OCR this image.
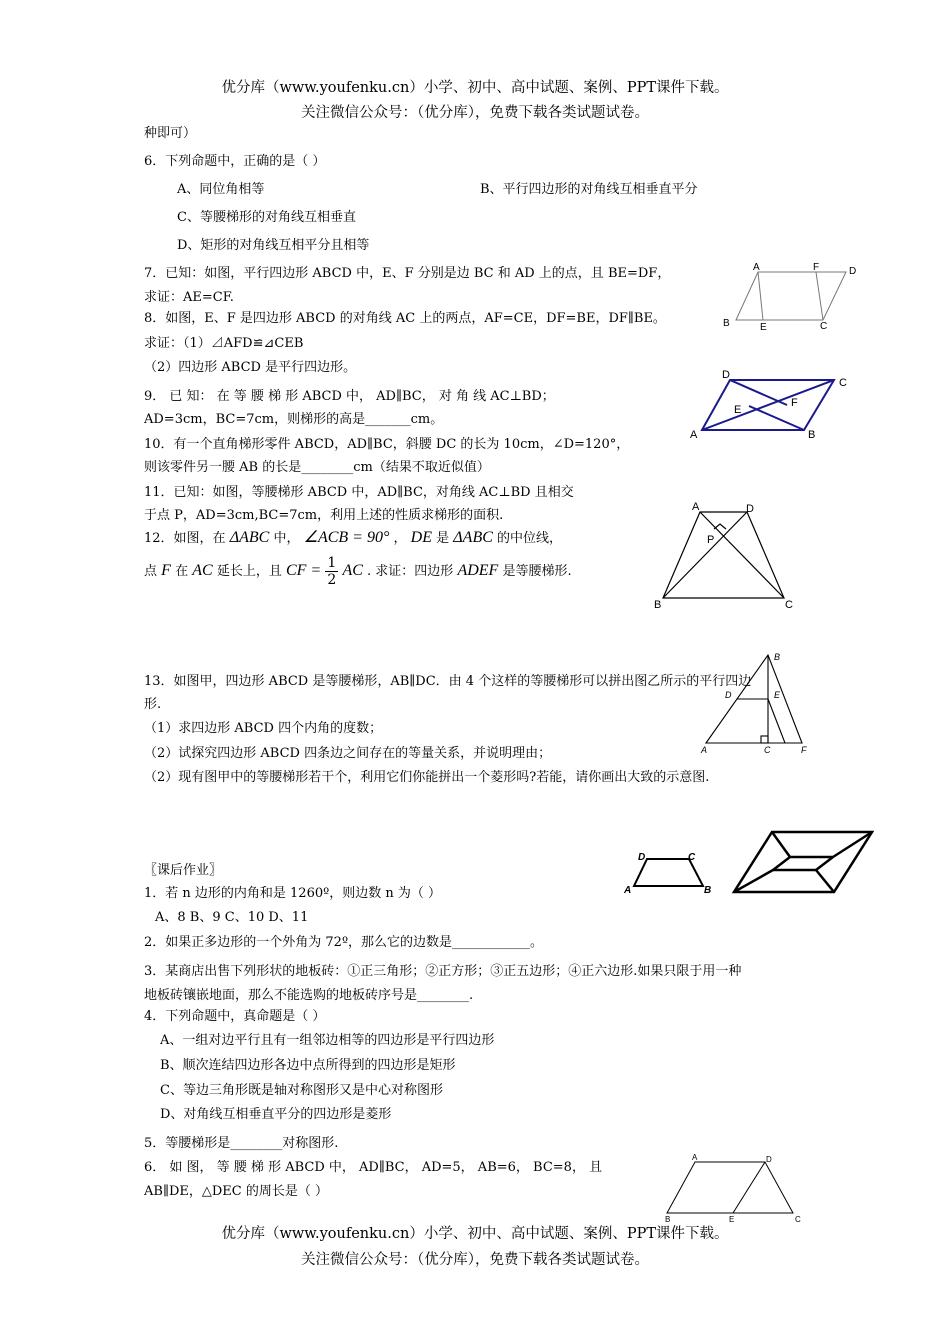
优分库（www.youfenku.cn）小学、初中、高中试题、案例、PPT课件下载。
关注微信公众号：（优分库），免费下载各类试题试卷。
种即可）
6．下列命题中，正确的是（ ）
A、同位角相等	B、平行四边形的对角线互相垂直平分
C、等腰梯形的对角线互相垂直
D、矩形的对角线互相平分且相等
7．已知：如图，平行四边形 ABCD 中，E、F 分别是边 BC 和 AD 上的点，且 BE=DF，
求证：AE=CF.
8．如图，E、F 是四边形 ABCD 的对角线 AC 上的两点，AF=CE，DF=BE，DF∥BE。
求证：（1）⊿AFD≌⊿CEB
（2）四边形 ABCD 是平行四边形。
9． 已 知： 在 等 腰 梯 形 ABCD 中， AD∥BC， 对 角 线 AC⊥BD；
AD=3cm，BC=7cm，则梯形的高是_______cm。
10．有一个直角梯形零件 ABCD，AD∥BC，斜腰 DC 的长为 10cm，∠D=120°，
则该零件另一腰 AB 的长是________cm（结果不取近似值）
11．已知：如图，等腰梯形 ABCD 中，AD∥BC，对角线 AC⊥BD 且相交
于点 P，AD=3cm,BC=7cm，利用上述的性质求梯形的面积.
12．如图，在 ΔABC 中， ∠ACB = 90° ， DE 是 ΔABC 的中位线，
点 F 在 AC 延长上，且 CF = $\frac{1}{2}$ AC . 求证：四边形 ADEF 是等腰梯形.
13．如图甲，四边形 ABCD 是等腰梯形，AB∥DC．由 4 个这样的等腰梯形可以拼出图乙所示的平行四边
形.
（1）求四边形 ABCD 四个内角的度数；
（2）试探究四边形 ABCD 四条边之间存在的等量关系，并说明理由；
（2）现有图甲中的等腰梯形若干个，利用它们你能拼出一个菱形吗?若能，请你画出大致的示意图.
〖课后作业〗
1．若 n 边形的内角和是 1260º，则边数 n 为（ ）
A、8 B、9 C、10 D、11
2．如果正多边形的一个外角为 72º，那么它的边数是____________。
3．某商店出售下列形状的地板砖：①正三角形；②正方形；③正五边形；④正六边形.如果只限于用一种
地板砖镶嵌地面，那么不能选购的地板砖序号是________.
4．下列命题中，真命题是（ ）
A、一组对边平行且有一组邻边相等的四边形是平行四边形
B、顺次连结四边形各边中点所得到的四边形是矩形
C、等边三角形既是轴对称图形又是中心对称图形
D、对角线互相垂直平分的四边形是菱形
5．等腰梯形是________对称图形.
6． 如 图， 等 腰 梯 形 ABCD 中， AD∥BC， AD=5， AB=6， BC=8， 且
AB∥DE，△DEC 的周长是（ ）
A	F	D
B	E	C
D
C
E
F
A	B
A	D
P
B	C
B
D	E
A	C	F
D	C
A	B
A	D
B	E	C
优分库（www.youfenku.cn）小学、初中、高中试题、案例、PPT课件下载。
关注微信公众号：（优分库），免费下载各类试题试卷。
